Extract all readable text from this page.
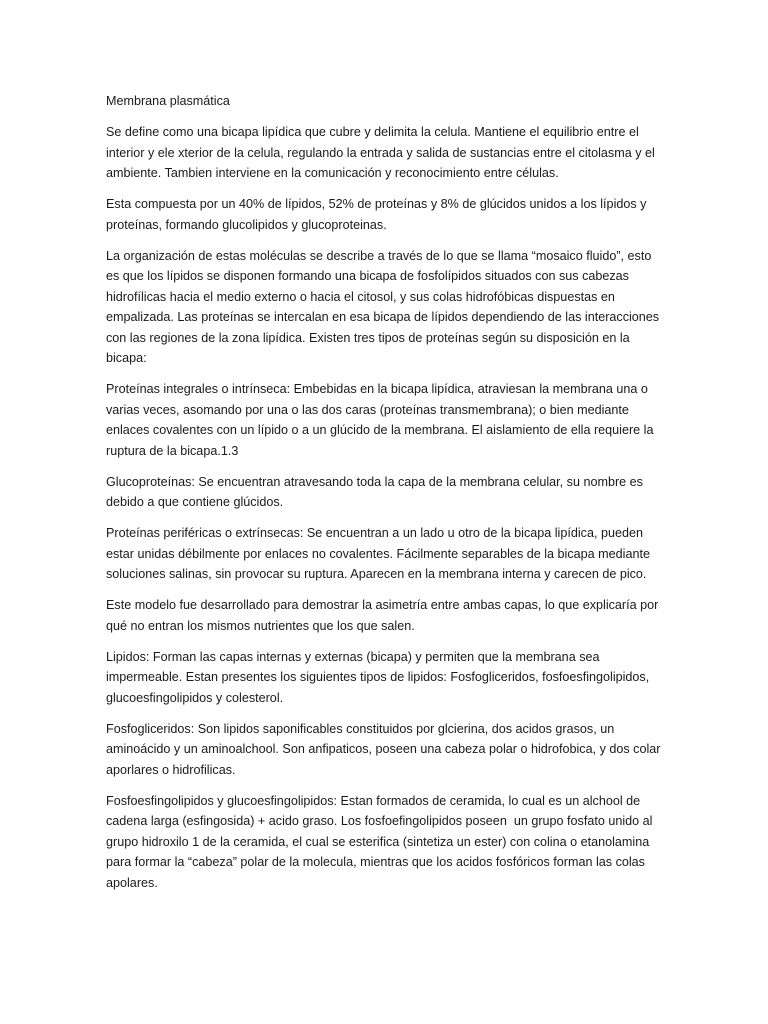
Membrana plasmática

Se define como una bicapa lipídica que cubre y delimita la celula. Mantiene el equilibrio entre el
interior y ele xterior de la celula, regulando la entrada y salida de sustancias entre el citolasma y el
ambiente. Tambien interviene en la comunicación y reconocimiento entre células.

Esta compuesta por un 40% de lípidos, 52% de proteínas y 8% de glúcidos unidos a los lípidos y
proteínas, formando glucolipidos y glucoproteinas.

La organización de estas moléculas se describe a través de lo que se llama “mosaico fluido”, esto
es que los lípidos se disponen formando una bicapa de fosfolípidos situados con sus cabezas
hidrofílicas hacia el medio externo o hacia el citosol, y sus colas hidrofóbicas dispuestas en
empalizada. Las proteínas se intercalan en esa bicapa de lípidos dependiendo de las interacciones
con las regiones de la zona lipídica. Existen tres tipos de proteínas según su disposición en la
bicapa:

Proteínas integrales o intrínseca: Embebidas en la bicapa lipídica, atraviesan la membrana una o
varias veces, asomando por una o las dos caras (proteínas transmembrana); o bien mediante
enlaces covalentes con un lípido o a un glúcido de la membrana. El aislamiento de ella requiere la
ruptura de la bicapa.1.3

Glucoproteínas: Se encuentran atravesando toda la capa de la membrana celular, su nombre es
debido a que contiene glúcidos.

Proteínas periféricas o extrínsecas: Se encuentran a un lado u otro de la bicapa lipídica, pueden
estar unidas débilmente por enlaces no covalentes. Fácilmente separables de la bicapa mediante
soluciones salinas, sin provocar su ruptura. Aparecen en la membrana interna y carecen de pico.

Este modelo fue desarrollado para demostrar la asimetría entre ambas capas, lo que explicaría por
qué no entran los mismos nutrientes que los que salen.

Lipidos: Forman las capas internas y externas (bicapa) y permiten que la membrana sea
impermeable. Estan presentes los siguientes tipos de lipidos: Fosfogliceridos, fosfoesfingolipidos,
glucoesfingolipidos y colesterol.

Fosfogliceridos: Son lipidos saponificables constituidos por glcierina, dos acidos grasos, un
aminoácido y un aminoalchool. Son anfipaticos, poseen una cabeza polar o hidrofobica, y dos colar
aporlares o hidrofilicas.

Fosfoesfingolipidos y glucoesfingolipidos: Estan formados de ceramida, lo cual es un alchool de
cadena larga (esfingosida) + acido graso. Los fosfoefingolipidos poseen  un grupo fosfato unido al
grupo hidroxilo 1 de la ceramida, el cual se esterifica (sintetiza un ester) con colina o etanolamina
para formar la “cabeza” polar de la molecula, mientras que los acidos fosfóricos forman las colas
apolares.
